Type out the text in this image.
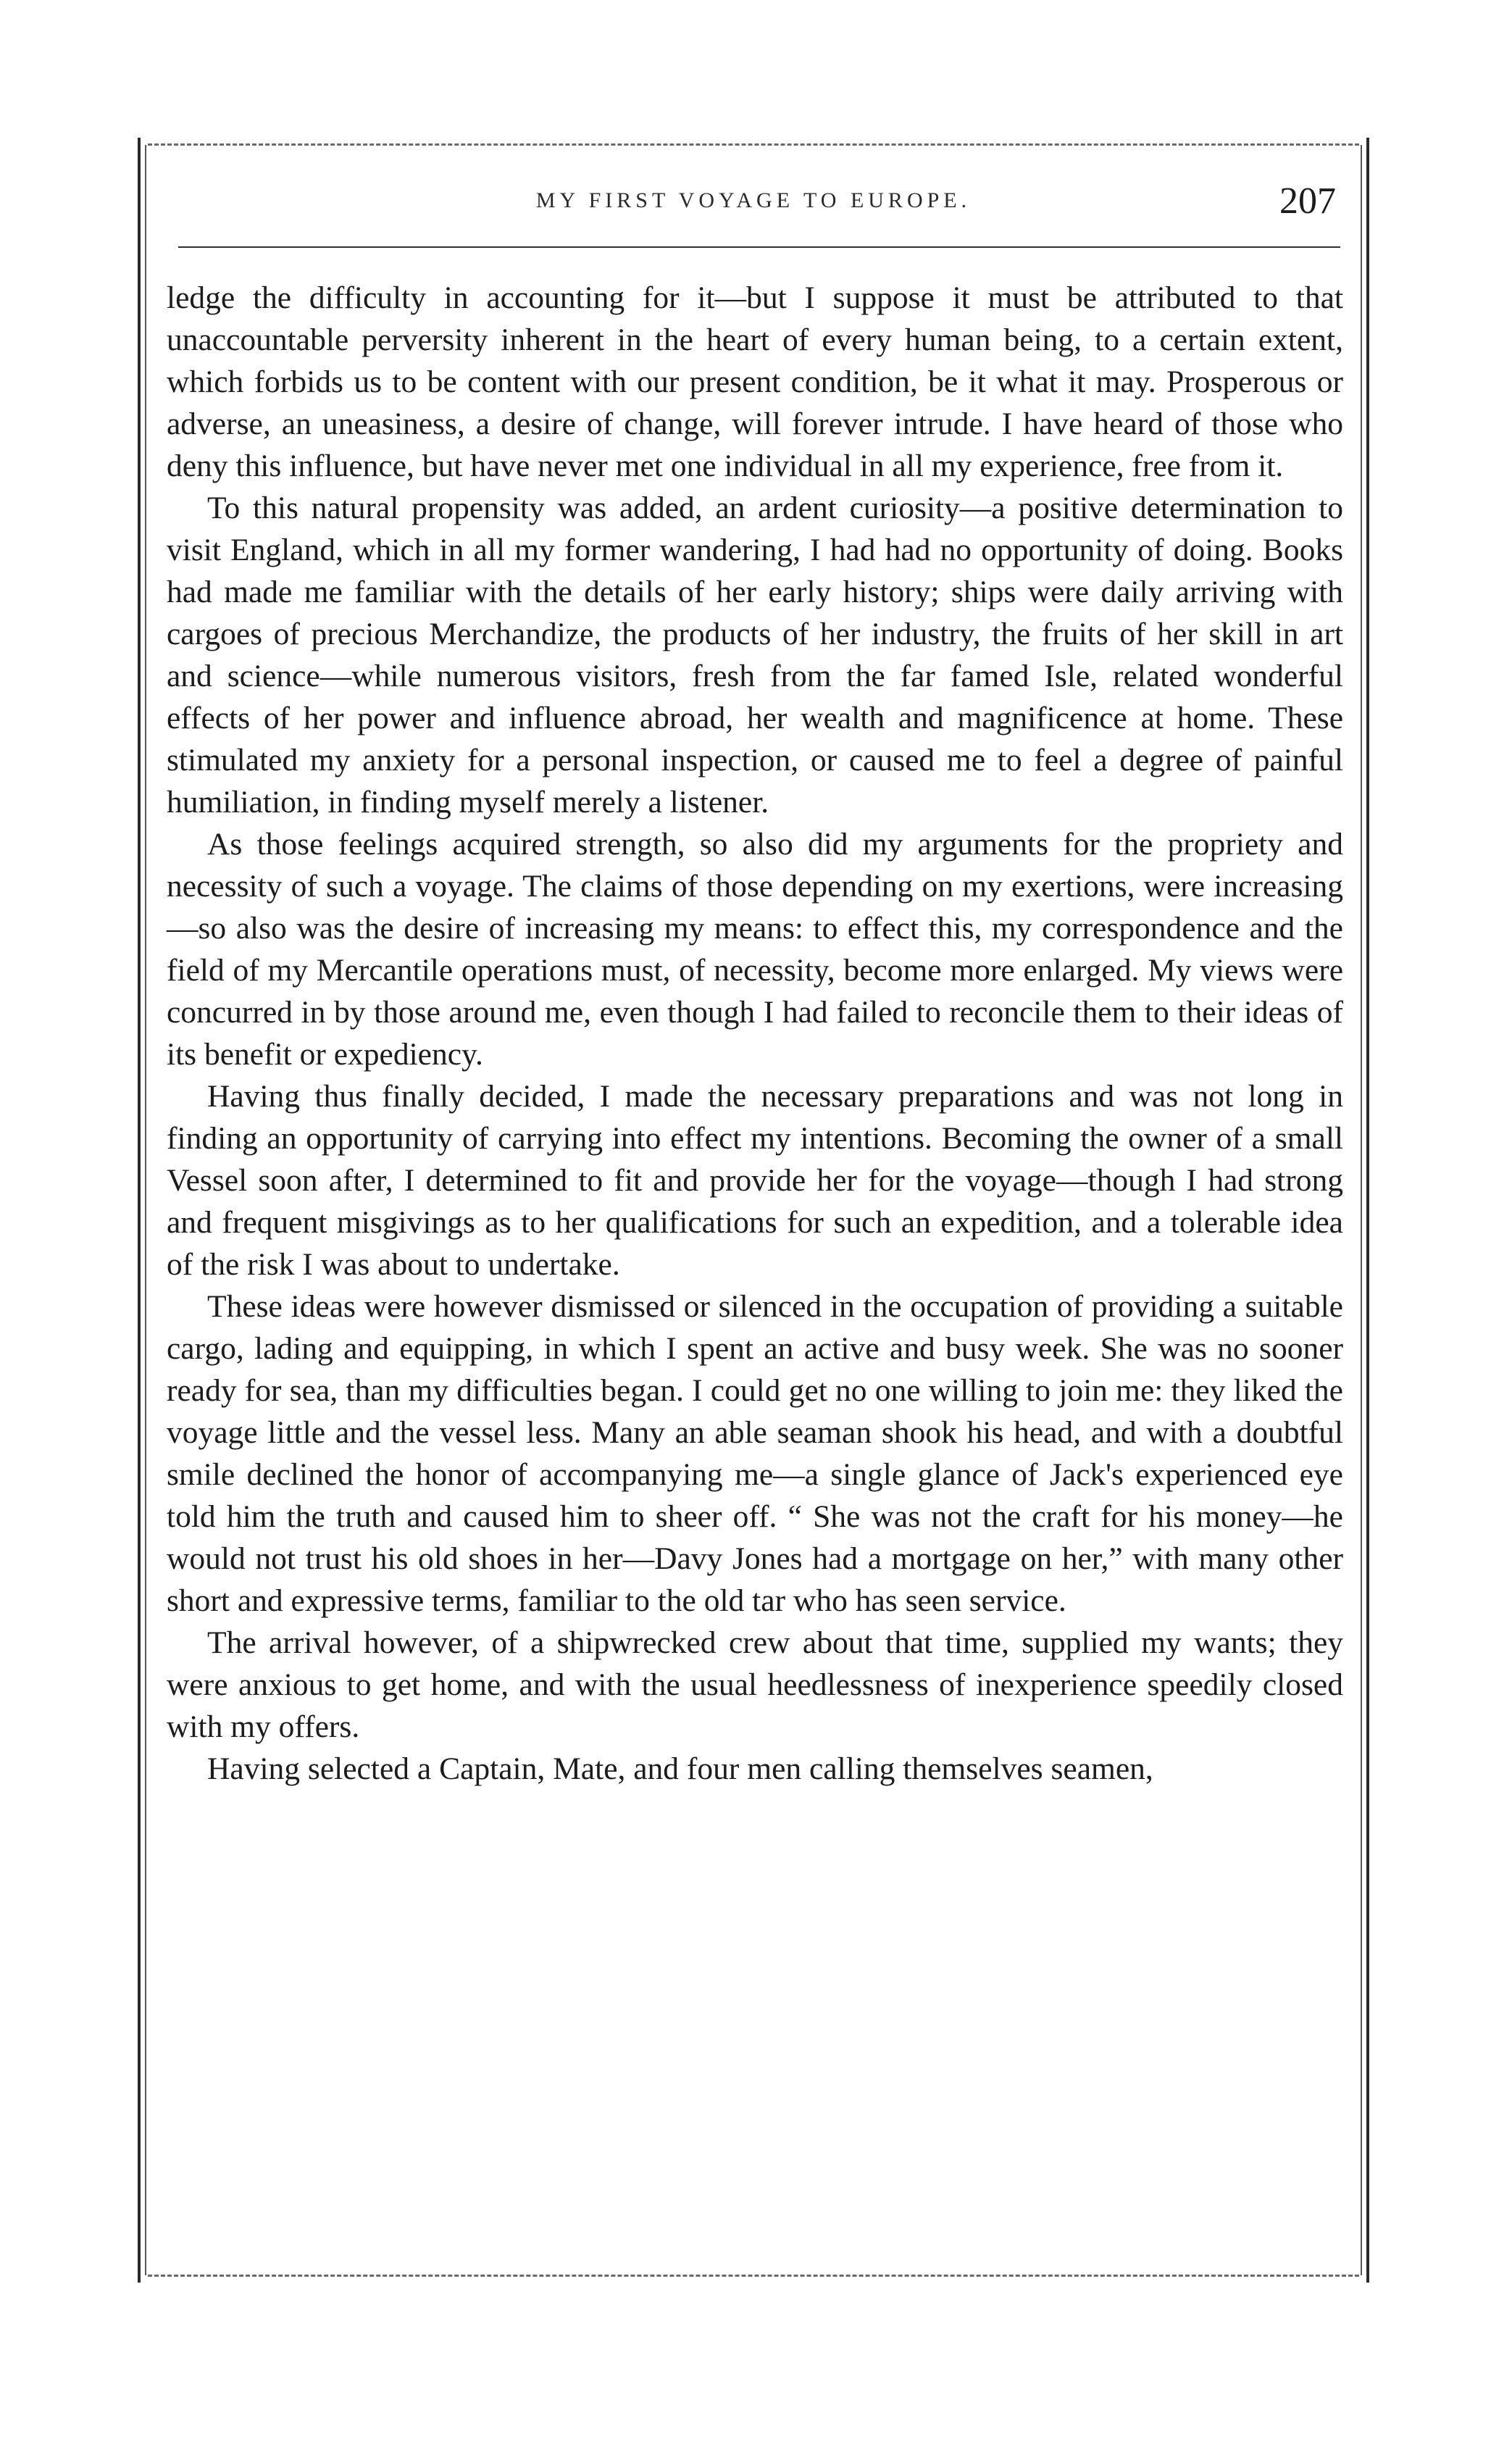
MY FIRST VOYAGE TO EUROPE.	207

ledge the difficulty in accounting for it—but I suppose it must be attributed to that unaccountable perversity inherent in the heart of every human being, to a certain extent, which forbids us to be content with our present condition, be it what it may. Prosperous or adverse, an uneasiness, a desire of change, will forever intrude. I have heard of those who deny this influence, but have never met one individual in all my experience, free from it.

To this natural propensity was added, an ardent curiosity—a positive determination to visit England, which in all my former wandering, I had had no opportunity of doing. Books had made me familiar with the details of her early history; ships were daily arriving with cargoes of precious Merchandize, the products of her industry, the fruits of her skill in art and science—while numerous visitors, fresh from the far famed Isle, related wonderful effects of her power and influence abroad, her wealth and magnificence at home. These stimulated my anxiety for a personal inspection, or caused me to feel a degree of painful humiliation, in finding myself merely a listener.

As those feelings acquired strength, so also did my arguments for the propriety and necessity of such a voyage. The claims of those depending on my exertions, were increasing—so also was the desire of increasing my means: to effect this, my correspondence and the field of my Mercantile operations must, of necessity, become more enlarged. My views were concurred in by those around me, even though I had failed to reconcile them to their ideas of its benefit or expediency.

Having thus finally decided, I made the necessary preparations and was not long in finding an opportunity of carrying into effect my intentions. Becoming the owner of a small Vessel soon after, I determined to fit and provide her for the voyage—though I had strong and frequent misgivings as to her qualifications for such an expedition, and a tolerable idea of the risk I was about to undertake.

These ideas were however dismissed or silenced in the occupation of providing a suitable cargo, lading and equipping, in which I spent an active and busy week. She was no sooner ready for sea, than my difficulties began. I could get no one willing to join me: they liked the voyage little and the vessel less. Many an able seaman shook his head, and with a doubtful smile declined the honor of accompanying me—a single glance of Jack's experienced eye told him the truth and caused him to sheer off. “ She was not the craft for his money—he would not trust his old shoes in her—Davy Jones had a mortgage on her,” with many other short and expressive terms, familiar to the old tar who has seen service.

The arrival however, of a shipwrecked crew about that time, supplied my wants; they were anxious to get home, and with the usual heedlessness of inexperience speedily closed with my offers.

Having selected a Captain, Mate, and four men calling themselves seamen,
